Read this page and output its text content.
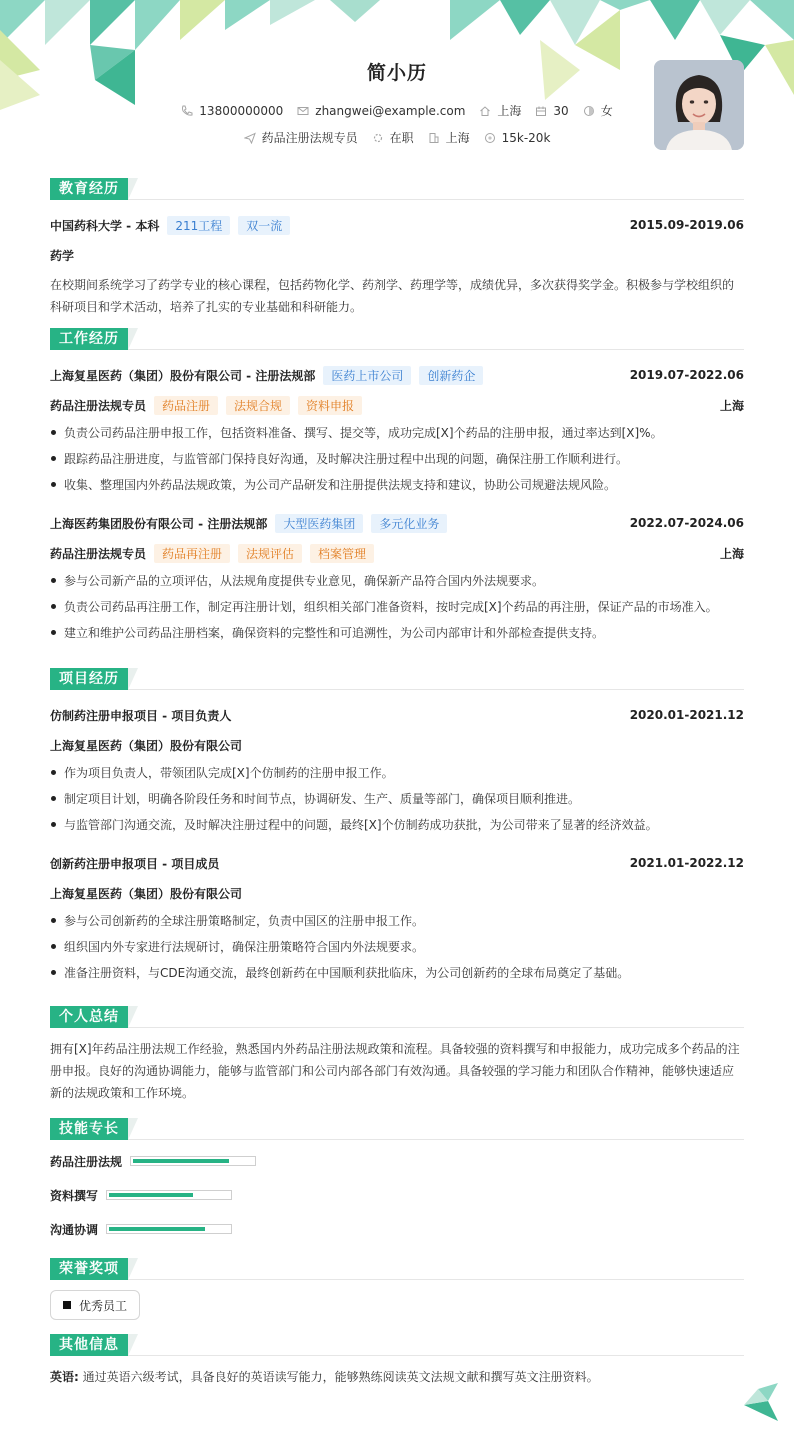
简小历
13800000000	zhangwei@example.com	上海	30	女
药品注册法规专员	在职	上海	15k-20k
教育经历
中国药科大学 - 本科	211工程	双一流	2015.09-2019.06
药学

在校期间系统学习了药学专业的核心课程，包括药物化学、药剂学、药理学等，成绩优异，多次获得奖学金。积极参与学校组织的科研项目和学术活动，培养了扎实的专业基础和科研能力。

工作经历
上海复星医药（集团）股份有限公司 - 注册法规部	医药上市公司	创新药企	2019.07-2022.06
药品注册法规专员	药品注册	法规合规	资料申报	上海
负责公司药品注册申报工作，包括资料准备、撰写、提交等，成功完成[X]个药品的注册申报，通过率达到[X]%。
跟踪药品注册进度，与监管部门保持良好沟通，及时解决注册过程中出现的问题，确保注册工作顺利进行。
收集、整理国内外药品法规政策，为公司产品研发和注册提供法规支持和建议，协助公司规避法规风险。
上海医药集团股份有限公司 - 注册法规部	大型医药集团	多元化业务	2022.07-2024.06
药品注册法规专员	药品再注册	法规评估	档案管理	上海
参与公司新产品的立项评估，从法规角度提供专业意见，确保新产品符合国内外法规要求。
负责公司药品再注册工作，制定再注册计划，组织相关部门准备资料，按时完成[X]个药品的再注册，保证产品的市场准入。
建立和维护公司药品注册档案，确保资料的完整性和可追溯性，为公司内部审计和外部检查提供支持。
项目经历
仿制药注册申报项目 - 项目负责人	2020.01-2021.12
上海复星医药（集团）股份有限公司
作为项目负责人，带领团队完成[X]个仿制药的注册申报工作。
制定项目计划，明确各阶段任务和时间节点，协调研发、生产、质量等部门，确保项目顺利推进。
与监管部门沟通交流，及时解决注册过程中的问题，最终[X]个仿制药成功获批，为公司带来了显著的经济效益。
创新药注册申报项目 - 项目成员	2021.01-2022.12
上海复星医药（集团）股份有限公司
参与公司创新药的全球注册策略制定，负责中国区的注册申报工作。
组织国内外专家进行法规研讨，确保注册策略符合国内外法规要求。
准备注册资料，与CDE沟通交流，最终创新药在中国顺利获批临床，为公司创新药的全球布局奠定了基础。
个人总结

拥有[X]年药品注册法规工作经验，熟悉国内外药品注册法规政策和流程。具备较强的资料撰写和申报能力，成功完成多个药品的注册申报。良好的沟通协调能力，能够与监管部门和公司内部各部门有效沟通。具备较强的学习能力和团队合作精神，能够快速适应新的法规政策和工作环境。

技能专长
药品注册法规
资料撰写
沟通协调
荣誉奖项
优秀员工
其他信息

英语: 通过英语六级考试，具备良好的英语读写能力，能够熟练阅读英文法规文献和撰写英文注册资料。
